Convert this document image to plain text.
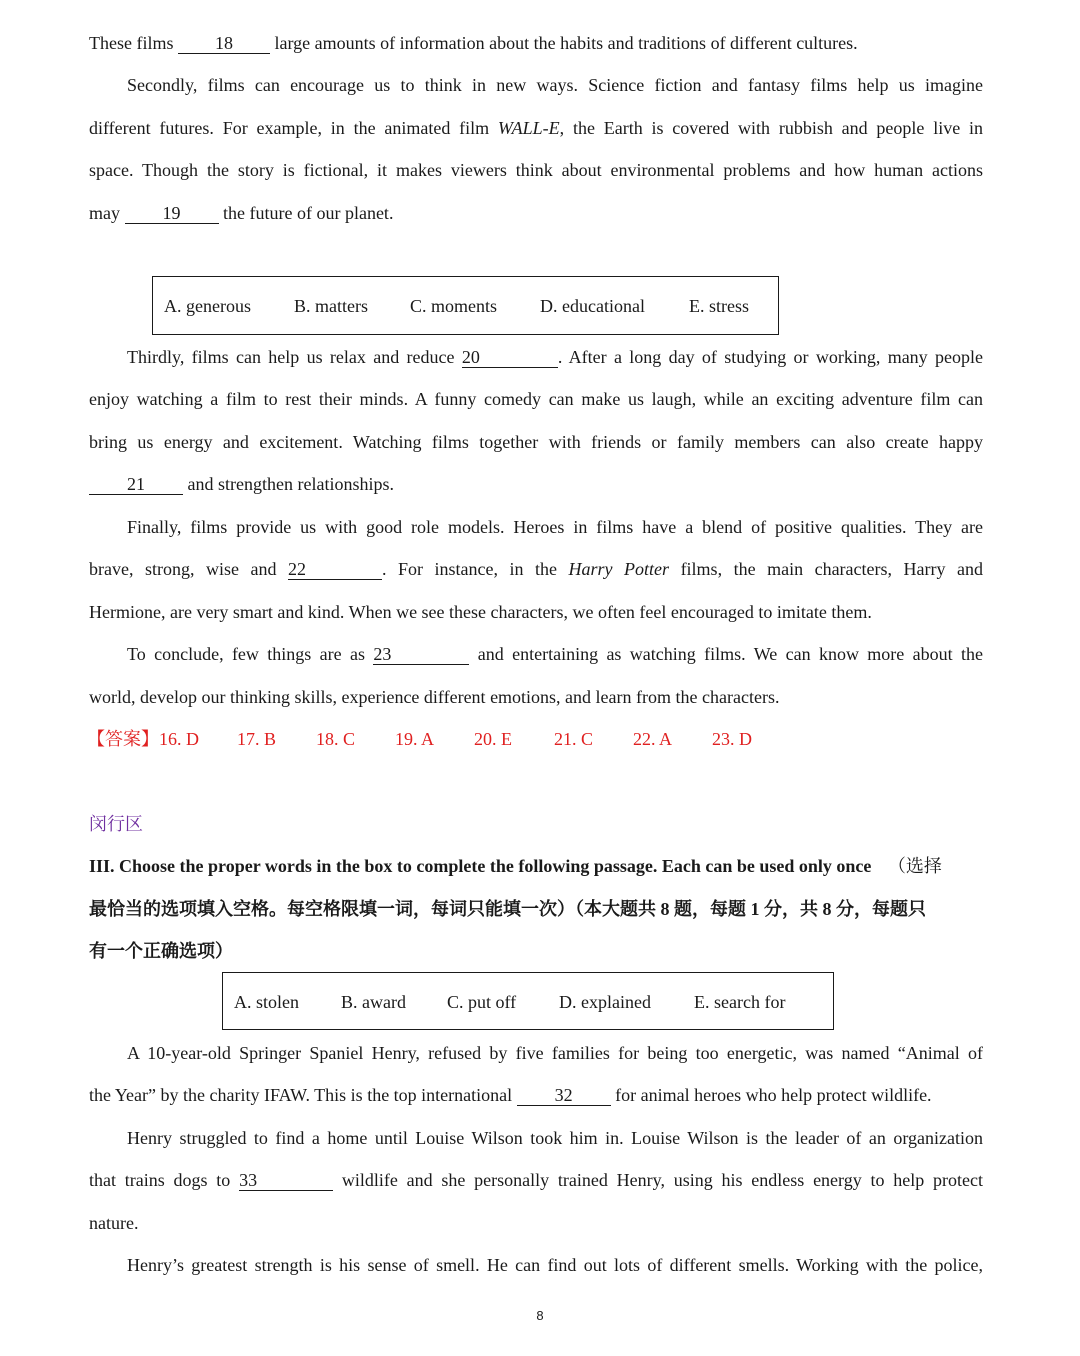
These films 18 large amounts of information about the habits and traditions of different cultures.
Secondly, films can encourage us to think in new ways. Science fiction and fantasy films help us imagine
different futures. For example, in the animated film WALL-E, the Earth is covered with rubbish and people live in
space. Though the story is fictional, it makes viewers think about environmental problems and how human actions
may 19 the future of our planet.
A. generous B. matters C. moments D. educational E. stress
Thirdly, films can help us relax and reduce 20	. After a long day of studying or working, many people
enjoy watching a film to rest their minds. A funny comedy can make us laugh, while an exciting adventure film can
bring us energy and excitement. Watching films together with friends or family members can also create happy
21 and strengthen relationships.
Finally, films provide us with good role models. Heroes in films have a blend of positive qualities. They are
brave, strong, wise and 22	. For instance, in the Harry Potter films, the main characters, Harry and
Hermione, are very smart and kind. When we see these characters, we often feel encouraged to imitate them.
To conclude, few things are as 23	and entertaining as watching films. We can know more about the
world, develop our thinking skills, experience different emotions, and learn from the characters.
【答案】16. D 17. B 18. C 19. A 20. E 21. C 22. A 23. D
闵行区
III. Choose the proper words in the box to complete the following passage. Each can be used only once （选择
最恰当的选项填入空格。每空格限填一词，每词只能填一次）（本大题共 8 题，每题 1 分，共 8 分，每题只
有一个正确选项）
A. stolen B. award C. put off D. explained E. search for
A 10-year-old Springer Spaniel Henry, refused by five families for being too energetic, was named “Animal of
the Year” by the charity IFAW. This is the top international 32 for animal heroes who help protect wildlife.
Henry struggled to find a home until Louise Wilson took him in. Louise Wilson is the leader of an organization
that trains dogs to 33	wildlife and she personally trained Henry, using his endless energy to help protect
nature.
Henry’s greatest strength is his sense of smell. He can find out lots of different smells. Working with the police,
8
